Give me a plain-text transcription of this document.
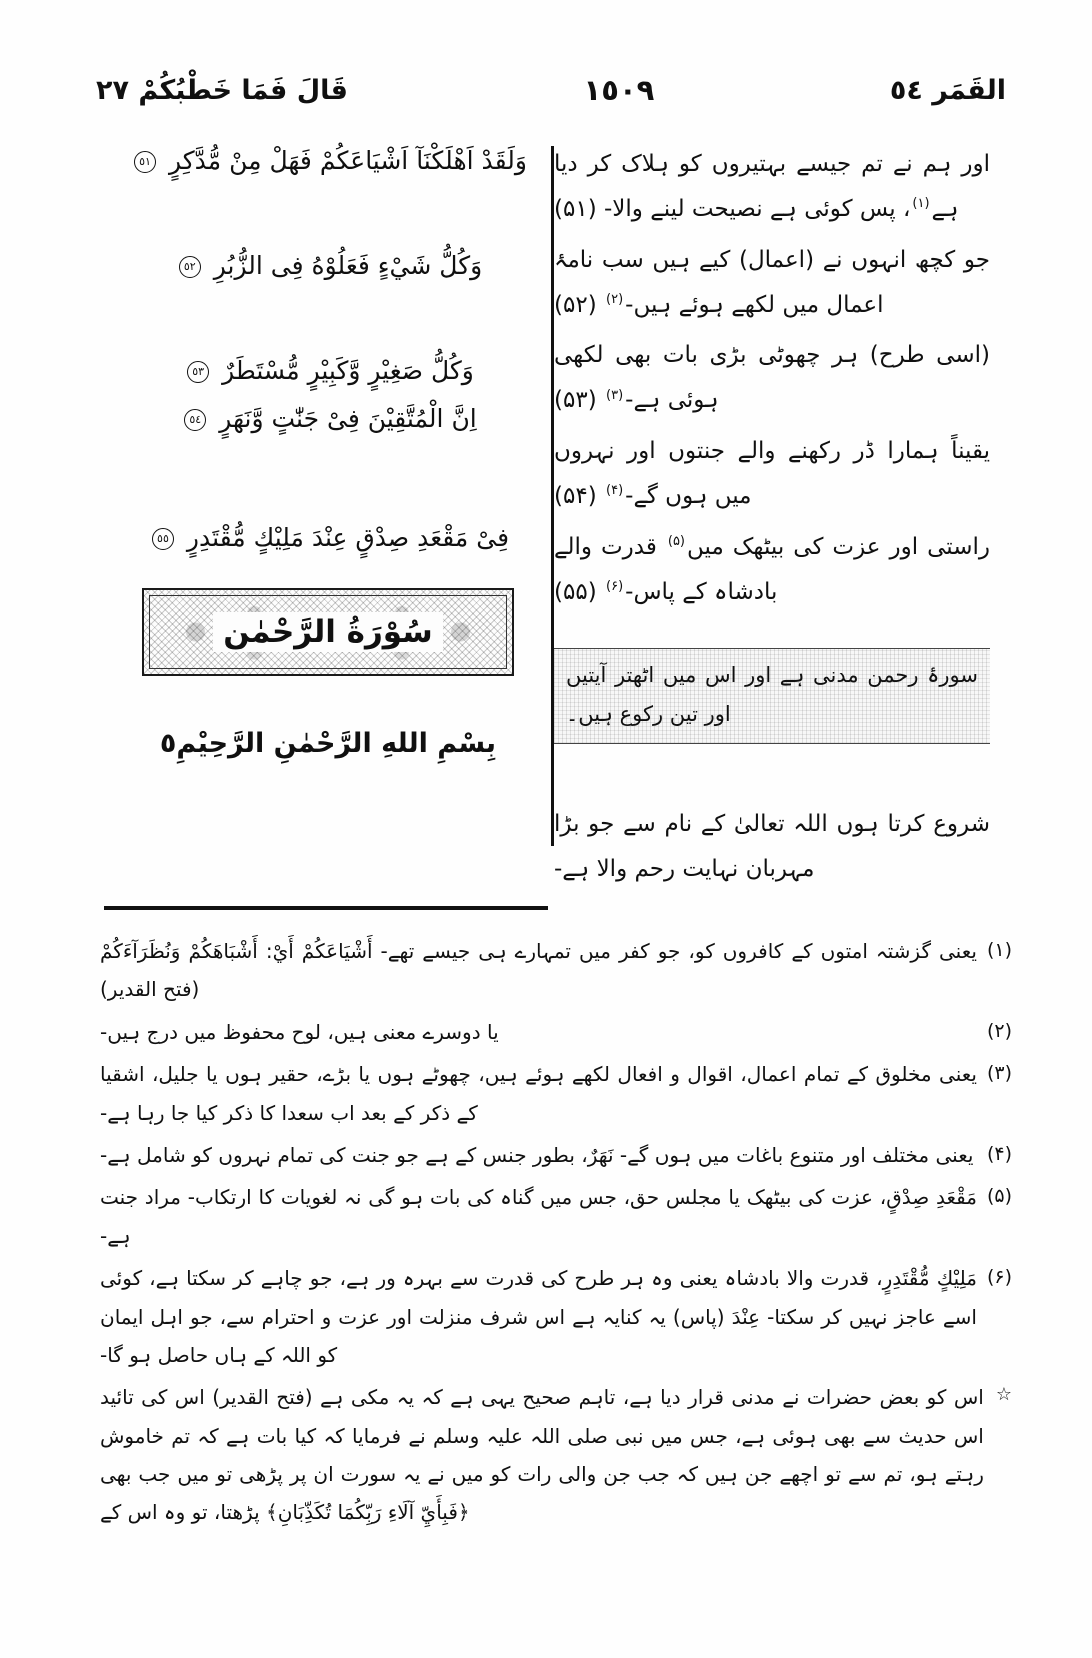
قَالَ فَمَا خَطْبُكُمْ ٢٧	١٥٠٩	القَمَر ٥٤

وَلَقَدْ اَهْلَكْنَآ اَشْيَاعَكُمْ فَهَلْ مِنْ مُّدَّكِرٍ ٥١

وَكُلُّ شَيْءٍ فَعَلُوْهُ فِى الزُّبُرِ ٥٢

وَكُلُّ صَغِيْرٍ وَّكَبِيْرٍ مُّسْتَطَرٌ ٥٣

اِنَّ الْمُتَّقِيْنَ فِىْ جَنّٰتٍ وَّنَهَرٍ ٥٤

فِىْ مَقْعَدِ صِدْقٍ عِنْدَ مَلِيْكٍ مُّقْتَدِرٍ ٥٥

سُوْرَةُ الرَّحْمٰن
بِسْمِ اللهِ الرَّحْمٰنِ الرَّحِيْمِ٥

اور ہم نے تم جیسے بہتیروں کو ہلاک کر دیا ہے$^{(۱)}$، پس کوئی ہے نصیحت لینے والا- (۵۱)

جو کچھ انہوں نے (اعمال) کیے ہیں سب نامۂ اعمال میں لکھے ہوئے ہیں-$^{(۲)}$ (۵۲)

(اسی طرح) ہر چھوٹی بڑی بات بھی لکھی ہوئی ہے-$^{(۳)}$ (۵۳)

یقیناً ہمارا ڈر رکھنے والے جنتوں اور نہروں میں ہوں گے-$^{(۴)}$ (۵۴)

راستی اور عزت کی بیٹھک میں$^{(۵)}$ قدرت والے بادشاہ کے پاس-$^{(۶)}$ (۵۵)

سورۂ رحمن مدنی ہے اور اس میں اٹھتر آیتیں اور تین رکوع ہیں۔
شروع کرتا ہوں اللہ تعالیٰ کے نام سے جو بڑا مہربان نہایت رحم والا ہے-
(۱)
یعنی گزشتہ امتوں کے کافروں کو، جو کفر میں تمہارے ہی جیسے تھے- أَشْيَاعَكُمْ أَيْ: أَشْبَاهَكُمْ وَنُظَرَآءَكُمْ (فتح القدير)
(۲)
یا دوسرے معنی ہیں، لوح محفوظ میں درج ہیں-
(۳)
یعنی مخلوق کے تمام اعمال، اقوال و افعال لکھے ہوئے ہیں، چھوٹے ہوں یا بڑے، حقیر ہوں یا جلیل، اشقیا کے ذکر کے بعد اب سعدا کا ذکر کیا جا رہا ہے-
(۴)
یعنی مختلف اور متنوع باغات میں ہوں گے- نَهَرٌ، بطور جنس کے ہے جو جنت کی تمام نہروں کو شامل ہے-
(۵)
مَقْعَدِ صِدْقٍ، عزت کی بیٹھک یا مجلس حق، جس میں گناہ کی بات ہو گی نہ لغویات کا ارتکاب- مراد جنت ہے-
(۶)
مَلِيْكٍ مُّقْتَدِرٍ، قدرت والا بادشاہ یعنی وہ ہر طرح کی قدرت سے بہرہ ور ہے، جو چاہے کر سکتا ہے، کوئی اسے عاجز نہیں کر سکتا- عِنْدَ (پاس) یہ کنایہ ہے اس شرف منزلت اور عزت و احترام سے، جو اہل ایمان کو اللہ کے ہاں حاصل ہو گا-
☆
اس کو بعض حضرات نے مدنی قرار دیا ہے، تاہم صحیح یہی ہے کہ یہ مکی ہے (فتح القدير) اس کی تائید اس حدیث سے بھی ہوئی ہے، جس میں نبی صلی اللہ علیہ وسلم نے فرمایا کہ کیا بات ہے کہ تم خاموش رہتے ہو، تم سے تو اچھے جن ہیں کہ جب جن والی رات کو میں نے یہ سورت ان پر پڑھی تو میں جب بھی ﴿فَبِأَيِّ آلَاءِ رَبِّكُمَا تُكَذِّبَانِ﴾ پڑھتا، تو وہ اس کے
